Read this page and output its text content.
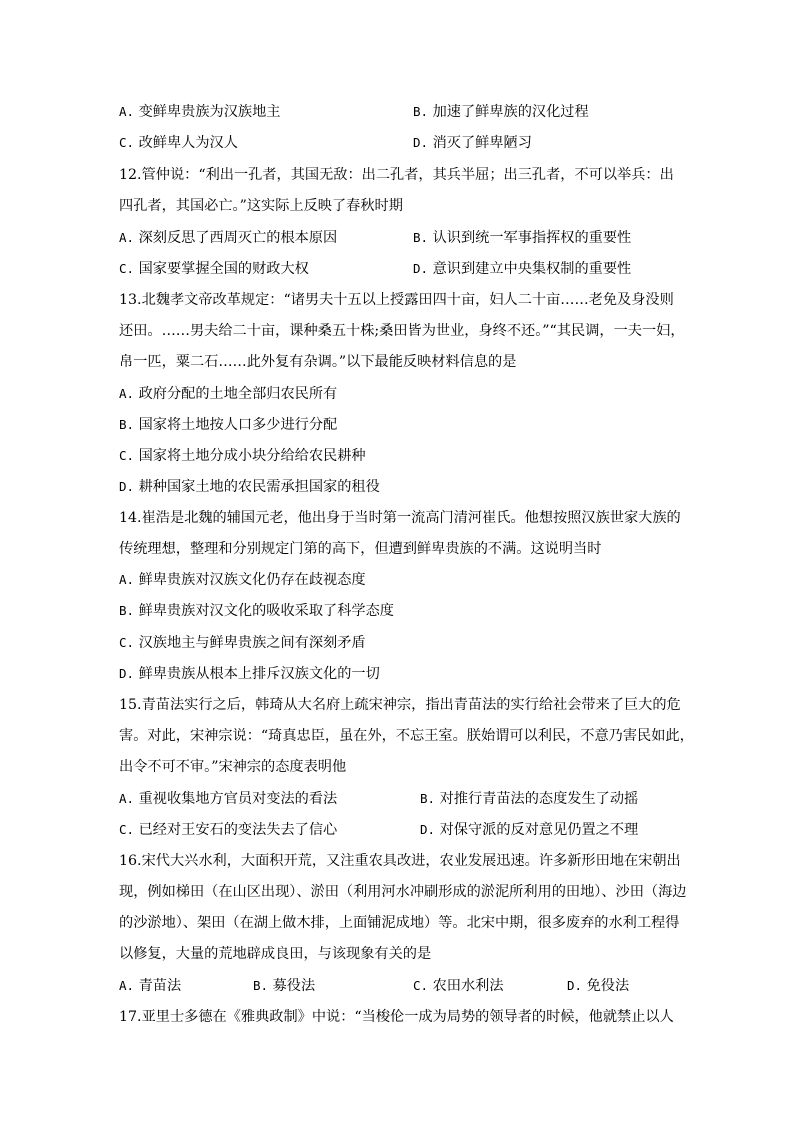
A. 变鲜卑贵族为汉族地主	B. 加速了鲜卑族的汉化过程
C. 改鲜卑人为汉人	D. 消灭了鲜卑陋习
12.管仲说：“利出一孔者，其国无敌：出二孔者，其兵半屈；出三孔者，不可以举兵：出
四孔者，其国必亡。”这实际上反映了春秋时期
A. 深刻反思了西周灭亡的根本原因	B. 认识到统一军事指挥权的重要性
C. 国家要掌握全国的财政大权	D. 意识到建立中央集权制的重要性
13.北魏孝文帝改革规定：“诸男夫十五以上授露田四十亩，妇人二十亩……老免及身没则
还田。……男夫给二十亩，课种桑五十株;桑田皆为世业，身终不还。”“其民调，一夫一妇，
帛一匹，粟二石……此外复有杂调。”以下最能反映材料信息的是
A. 政府分配的土地全部归农民所有
B. 国家将土地按人口多少进行分配
C. 国家将土地分成小块分给给农民耕种
D. 耕种国家土地的农民需承担国家的租役
14.崔浩是北魏的辅国元老，他出身于当时第一流高门清河崔氏。他想按照汉族世家大族的
传统理想，整理和分别规定门第的高下，但遭到鲜卑贵族的不满。这说明当时
A. 鲜卑贵族对汉族文化仍存在歧视态度
B. 鲜卑贵族对汉文化的吸收采取了科学态度
C. 汉族地主与鲜卑贵族之间有深刻矛盾
D. 鲜卑贵族从根本上排斥汉族文化的一切
15.青苗法实行之后，韩琦从大名府上疏宋神宗，指出青苗法的实行给社会带来了巨大的危
害。对此，宋神宗说：“琦真忠臣，虽在外，不忘王室。朕始谓可以利民，不意乃害民如此，
出令不可不审。”宋神宗的态度表明他
A. 重视收集地方官员对变法的看法	B. 对推行青苗法的态度发生了动摇
C. 已经对王安石的变法失去了信心	D. 对保守派的反对意见仍置之不理
16.宋代大兴水利，大面积开荒，又注重农具改进，农业发展迅速。许多新形田地在宋朝出
现，例如梯田（在山区出现）、淤田（利用河水冲刷形成的淤泥所利用的田地）、沙田（海边
的沙淤地）、架田（在湖上做木排，上面铺泥成地）等。北宋中期，很多废弃的水利工程得
以修复，大量的荒地辟成良田，与该现象有关的是
A. 青苗法	B. 募役法	C. 农田水利法	D. 免役法
17.亚里士多德在《雅典政制》中说：“当梭伦一成为局势的领导者的时候，他就禁止以人
